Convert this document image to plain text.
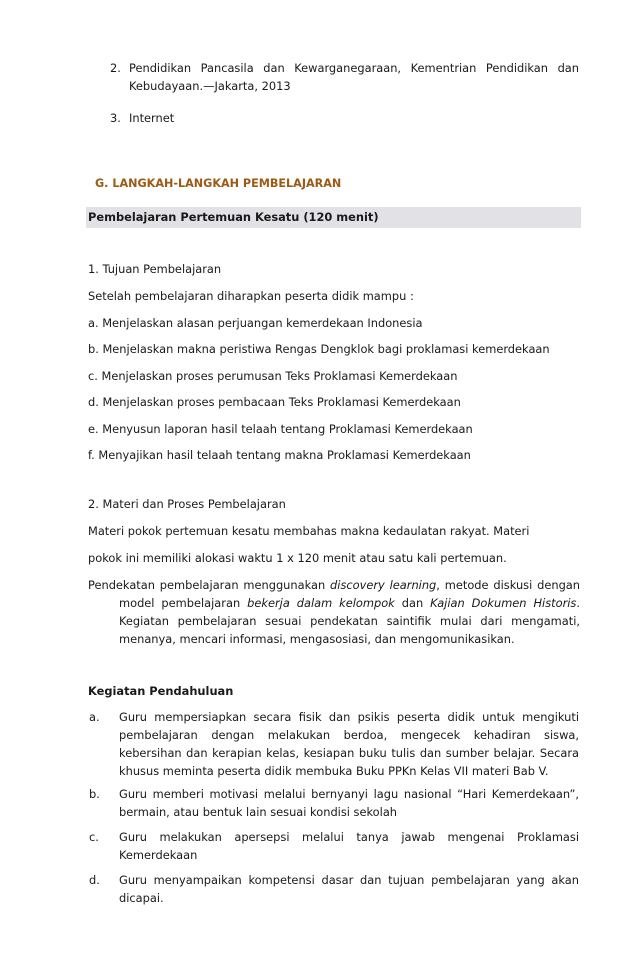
2. Pendidikan Pancasila dan Kewarganegaraan, Kementrian Pendidikan dan
Kebudayaan.—Jakarta, 2013
3. Internet
G. LANGKAH-LANGKAH PEMBELAJARAN
Pembelajaran Pertemuan Kesatu (120 menit)
1. Tujuan Pembelajaran
Setelah pembelajaran diharapkan peserta didik mampu :
a. Menjelaskan alasan perjuangan kemerdekaan Indonesia
b. Menjelaskan makna peristiwa Rengas Dengklok bagi proklamasi kemerdekaan
c. Menjelaskan proses perumusan Teks Proklamasi Kemerdekaan
d. Menjelaskan proses pembacaan Teks Proklamasi Kemerdekaan
e. Menyusun laporan hasil telaah tentang Proklamasi Kemerdekaan
f. Menyajikan hasil telaah tentang makna Proklamasi Kemerdekaan
2. Materi dan Proses Pembelajaran
Materi pokok pertemuan kesatu membahas makna kedaulatan rakyat. Materi
pokok ini memiliki alokasi waktu 1 x 120 menit atau satu kali pertemuan.
Pendekatan pembelajaran menggunakan discovery learning, metode diskusi dengan
model pembelajaran bekerja dalam kelompok dan Kajian Dokumen Historis.
Kegiatan pembelajaran sesuai pendekatan saintifik mulai dari mengamati,
menanya, mencari informasi, mengasosiasi, dan mengomunikasikan.
Kegiatan Pendahuluan
a. Guru mempersiapkan secara fisik dan psikis peserta didik untuk mengikuti
pembelajaran dengan melakukan berdoa, mengecek kehadiran siswa,
kebersihan dan kerapian kelas, kesiapan buku tulis dan sumber belajar. Secara
khusus meminta peserta didik membuka Buku PPKn Kelas VII materi Bab V.
b. Guru memberi motivasi melalui bernyanyi lagu nasional “Hari Kemerdekaan”,
bermain, atau bentuk lain sesuai kondisi sekolah
c. Guru melakukan apersepsi melalui tanya jawab mengenai Proklamasi
Kemerdekaan
d. Guru menyampaikan kompetensi dasar dan tujuan pembelajaran yang akan
dicapai.
